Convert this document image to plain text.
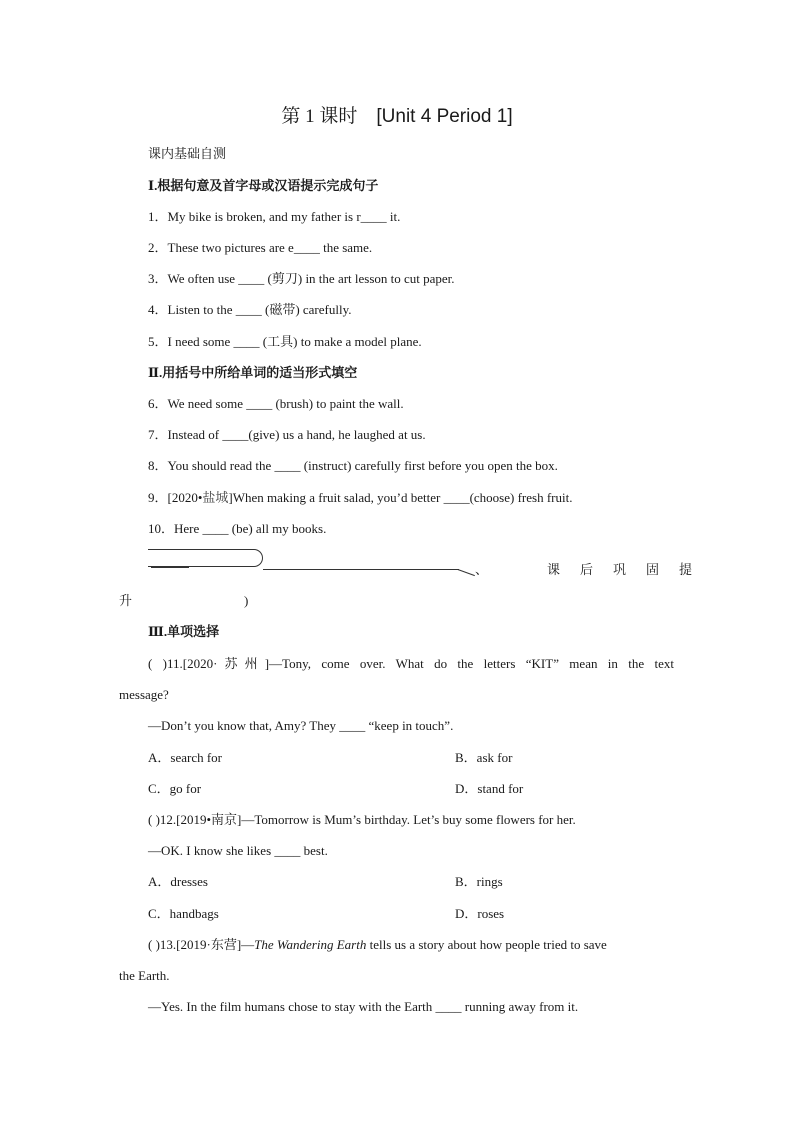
第 1 课时 [Unit 4 Period 1]
课内基础自测
Ⅰ.根据句意及首字母或汉语提示完成句子
1．My bike is broken, and my father is r____ it.
2．These two pictures are e____ the same.
3．We often use ____ (剪刀) in the art lesson to cut paper.
4．Listen to the ____ (磁带) carefully.
5．I need some ____ (工具) to make a model plane.
Ⅱ.用括号中所给单词的适当形式填空
6．We need some ____ (brush) to paint the wall.
7．Instead of ____(give) us a hand, he laughed at us.
8．You should read the ____ (instruct) carefully first before you open the box.
9．[2020•盐城]When making a fruit salad, you’d better ____(choose) fresh fruit.
10．Here ____ (be) all my books.
、	课后巩固提
升	)
Ⅲ.单项选择
( )11.[2020·苏州]—Tony, come over. What do the letters “KIT” mean in the text
message?
—Don’t you know that, Amy? They ____ “keep in touch”.
A．search for	B．ask for
C．go for	D．stand for
( )12.[2019•南京]—Tomorrow is Mum’s birthday. Let’s buy some flowers for her.
—OK. I know she likes ____ best.
A．dresses	B．rings
C．handbags	D．roses
( )13.[2019·东营]—The Wandering Earth tells us a story about how people tried to save
the Earth.
—Yes. In the film humans chose to stay with the Earth ____ running away from it.
